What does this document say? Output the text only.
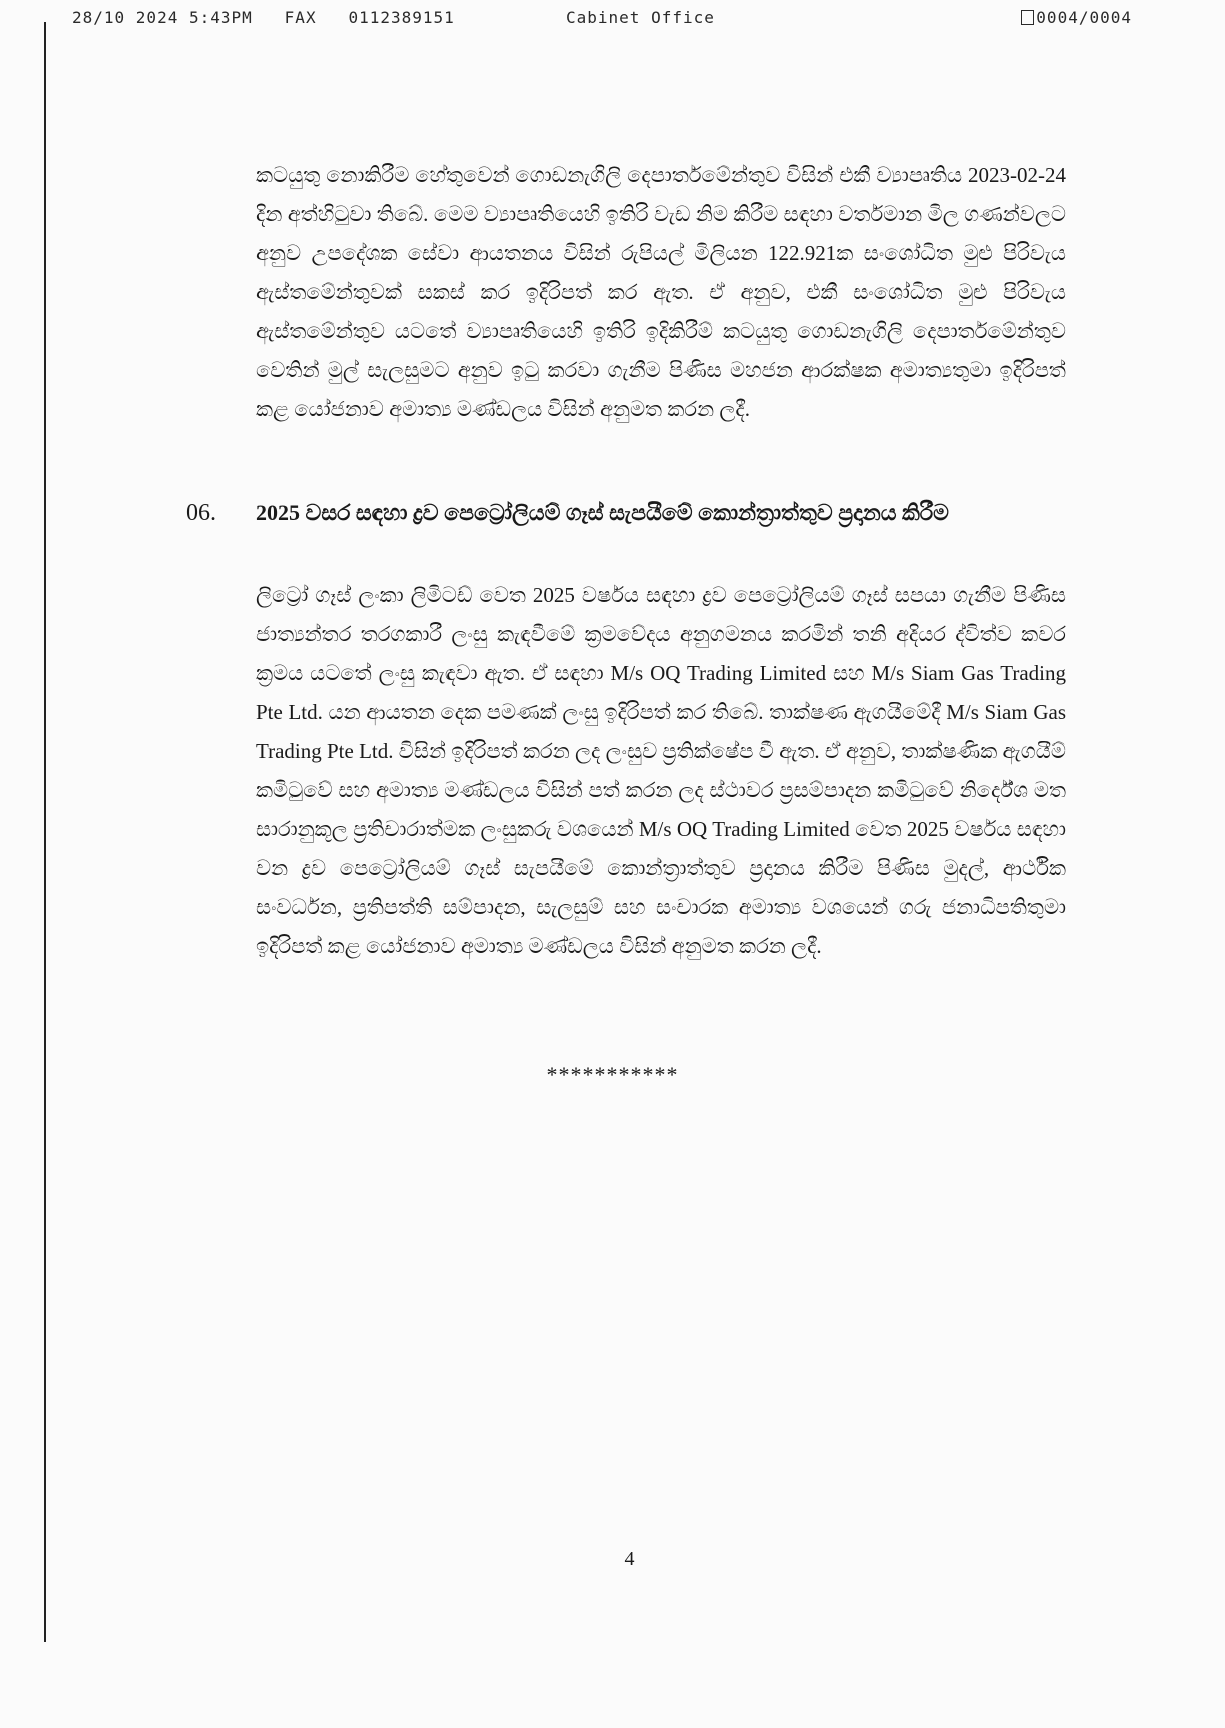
28/10 2024 5:43PM FAX 0112389151	Cabinet Office	0004/0004
කටයුතු නොකිරීම හේතුවෙන් ගොඩනැගිලි දෙපාර්තමේන්තුව විසින් එකී ව්‍යාපෘතිය 2023-02-24 දින අත්හිටුවා තිබේ. මෙම ව්‍යාපෘතියෙහි ඉතිරි වැඩ නිම කිරීම සඳහා වර්තමාන මිල ගණන්වලට අනුව උපදේශක සේවා ආයතනය විසින් රුපියල් මිලියන 122.921ක සංශෝධිත මුළු පිරිවැය ඇස්තමේන්තුවක් සකස් කර ඉදිරිපත් කර ඇත. ඒ අනුව, එකී සංශෝධිත මුළු පිරිවැය ඇස්තමේන්තුව යටතේ ව්‍යාපෘතියෙහි ඉතිරි ඉදිකිරීම් කටයුතු ගොඩනැගිලි දෙපාර්තමේන්තුව වෙතින් මුල් සැලසුමට අනුව ඉටු කරවා ගැනීම පිණිස මහජන ආරක්ෂක අමාත්‍යතුමා ඉදිරිපත් කළ යෝජනාව අමාත්‍ය මණ්ඩලය විසින් අනුමත කරන ලදී.
06. 2025 වසර සඳහා ද්‍රව පෙට්‍රෝලියම් ගෑස් සැපයීමේ කොන්ත්‍රාත්තුව ප්‍රදානය කිරීම
ලිට්‍රෝ ගෑස් ලංකා ලිමිටඩ් වෙත 2025 වර්ෂය සඳහා ද්‍රව පෙට්‍රෝලියම් ගෑස් සපයා ගැනීම පිණිස ජාත්‍යන්තර තරගකාරී ලංසු කැඳවීමේ ක්‍රමවේදය අනුගමනය කරමින් තනි අදියර ද්විත්ව කවර ක්‍රමය යටතේ ලංසු කැඳවා ඇත. ඒ සඳහා M/s OQ Trading Limited සහ M/s Siam Gas Trading Pte Ltd. යන ආයතන දෙක පමණක් ලංසු ඉදිරිපත් කර තිබේ. තාක්ෂණ ඇගයීමේදී M/s Siam Gas Trading Pte Ltd. විසින් ඉදිරිපත් කරන ලද ලංසුව ප්‍රතික්ෂේප වී ඇත. ඒ අනුව, තාක්ෂණික ඇගයීම් කමිටුවේ සහ අමාත්‍ය මණ්ඩලය විසින් පත් කරන ලද ස්ථාවර ප්‍රසම්පාදන කමිටුවේ නිර්දේශ මත සාරානුකූල ප්‍රතිචාරාත්මක ලංසුකරු වශයෙන් M/s OQ Trading Limited වෙත 2025 වර්ෂය සඳහා වන ද්‍රව පෙට්‍රෝලියම් ගෑස් සැපයීමේ කොන්ත්‍රාත්තුව ප්‍රදානය කිරීම පිණිස මුදල්, ආර්ථික සංවර්ධන, ප්‍රතිපත්ති සම්පාදන, සැලසුම් සහ සංචාරක අමාත්‍ය වශයෙන් ගරු ජනාධිපතිතුමා ඉදිරිපත් කළ යෝජනාව අමාත්‍ය මණ්ඩලය විසින් අනුමත කරන ලදී.
***********
4
